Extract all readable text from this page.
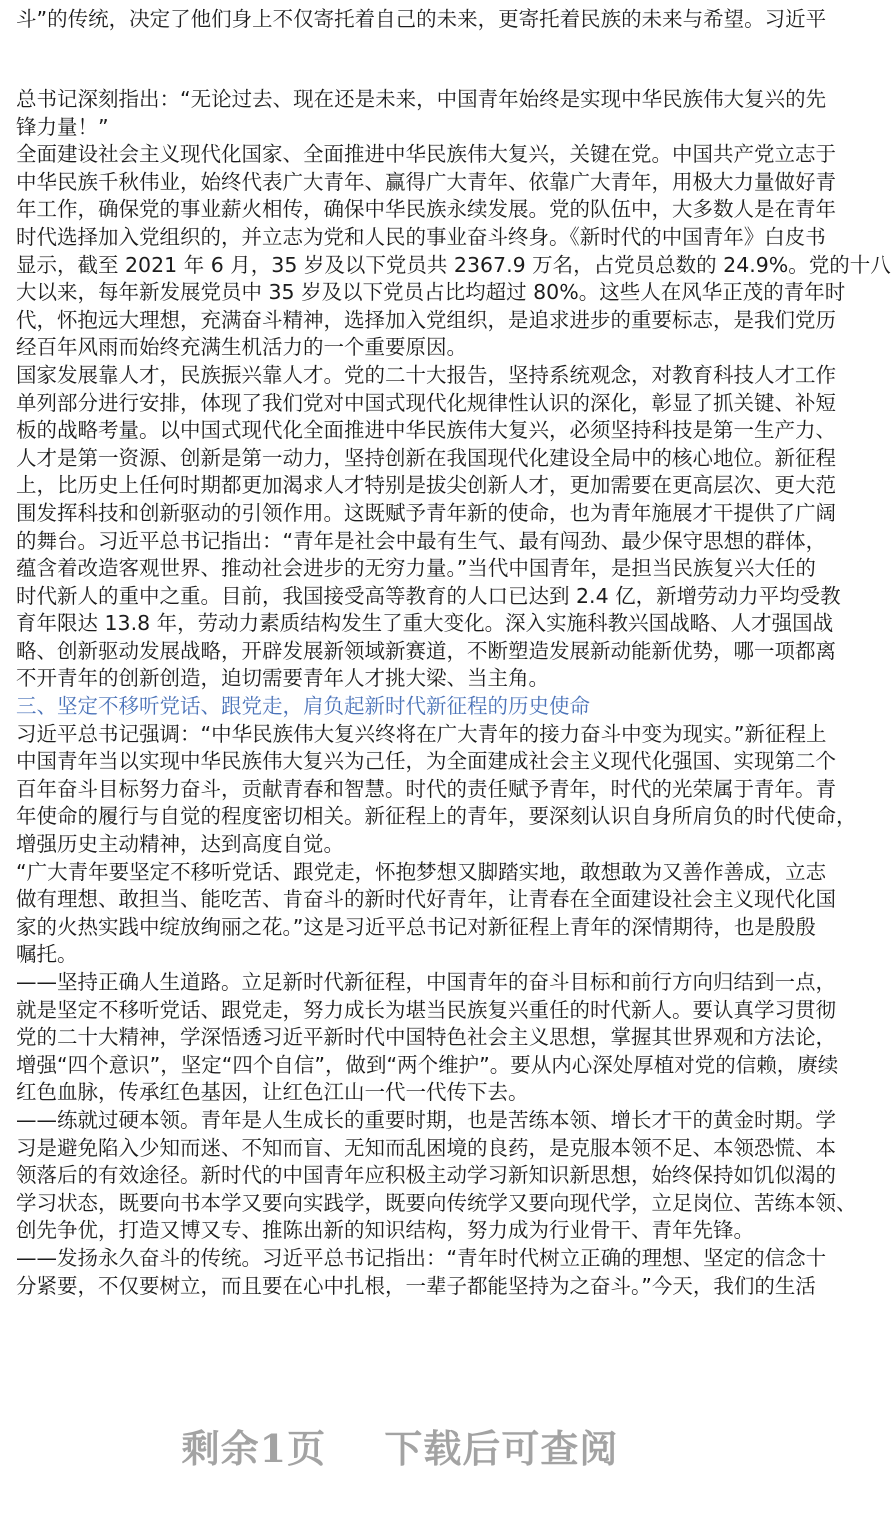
斗”的传统，决定了他们身上不仅寄托着自己的未来，更寄托着民族的未来与希望。习近平
总书记深刻指出：“无论过去、现在还是未来，中国青年始终是实现中华民族伟大复兴的先
锋力量！”
全面建设社会主义现代化国家、全面推进中华民族伟大复兴，关键在党。中国共产党立志于
中华民族千秋伟业，始终代表广大青年、赢得广大青年、依靠广大青年，用极大力量做好青
年工作，确保党的事业薪火相传，确保中华民族永续发展。党的队伍中，大多数人是在青年
时代选择加入党组织的，并立志为党和人民的事业奋斗终身。《新时代的中国青年》白皮书
显示，截至 2021 年 6 月，35 岁及以下党员共 2367.9 万名，占党员总数的 24.9%。党的十八
大以来，每年新发展党员中 35 岁及以下党员占比均超过 80%。这些人在风华正茂的青年时
代，怀抱远大理想，充满奋斗精神，选择加入党组织，是追求进步的重要标志，是我们党历
经百年风雨而始终充满生机活力的一个重要原因。
国家发展靠人才，民族振兴靠人才。党的二十大报告，坚持系统观念，对教育科技人才工作
单列部分进行安排，体现了我们党对中国式现代化规律性认识的深化，彰显了抓关键、补短
板的战略考量。以中国式现代化全面推进中华民族伟大复兴，必须坚持科技是第一生产力、
人才是第一资源、创新是第一动力，坚持创新在我国现代化建设全局中的核心地位。新征程
上，比历史上任何时期都更加渴求人才特别是拔尖创新人才，更加需要在更高层次、更大范
围发挥科技和创新驱动的引领作用。这既赋予青年新的使命，也为青年施展才干提供了广阔
的舞台。习近平总书记指出：“青年是社会中最有生气、最有闯劲、最少保守思想的群体，
蕴含着改造客观世界、推动社会进步的无穷力量。”当代中国青年，是担当民族复兴大任的
时代新人的重中之重。目前，我国接受高等教育的人口已达到 2.4 亿，新增劳动力平均受教
育年限达 13.8 年，劳动力素质结构发生了重大变化。深入实施科教兴国战略、人才强国战
略、创新驱动发展战略，开辟发展新领域新赛道，不断塑造发展新动能新优势，哪一项都离
不开青年的创新创造，迫切需要青年人才挑大梁、当主角。
三、坚定不移听党话、跟党走，肩负起新时代新征程的历史使命
习近平总书记强调：“中华民族伟大复兴终将在广大青年的接力奋斗中变为现实。”新征程上
中国青年当以实现中华民族伟大复兴为己任，为全面建成社会主义现代化强国、实现第二个
百年奋斗目标努力奋斗，贡献青春和智慧。时代的责任赋予青年，时代的光荣属于青年。青
年使命的履行与自觉的程度密切相关。新征程上的青年，要深刻认识自身所肩负的时代使命，
增强历史主动精神，达到高度自觉。
“广大青年要坚定不移听党话、跟党走，怀抱梦想又脚踏实地，敢想敢为又善作善成，立志
做有理想、敢担当、能吃苦、肯奋斗的新时代好青年，让青春在全面建设社会主义现代化国
家的火热实践中绽放绚丽之花。”这是习近平总书记对新征程上青年的深情期待，也是殷殷
嘱托。
——坚持正确人生道路。立足新时代新征程，中国青年的奋斗目标和前行方向归结到一点，
就是坚定不移听党话、跟党走，努力成长为堪当民族复兴重任的时代新人。要认真学习贯彻
党的二十大精神，学深悟透习近平新时代中国特色社会主义思想，掌握其世界观和方法论，
增强“四个意识”，坚定“四个自信”，做到“两个维护”。要从内心深处厚植对党的信赖，赓续
红色血脉，传承红色基因，让红色江山一代一代传下去。
——练就过硬本领。青年是人生成长的重要时期，也是苦练本领、增长才干的黄金时期。学
习是避免陷入少知而迷、不知而盲、无知而乱困境的良药，是克服本领不足、本领恐慌、本
领落后的有效途径。新时代的中国青年应积极主动学习新知识新思想，始终保持如饥似渴的
学习状态，既要向书本学又要向实践学，既要向传统学又要向现代学，立足岗位、苦练本领、
创先争优，打造又博又专、推陈出新的知识结构，努力成为行业骨干、青年先锋。
——发扬永久奋斗的传统。习近平总书记指出：“青年时代树立正确的理想、坚定的信念十
分紧要，不仅要树立，而且要在心中扎根，一辈子都能坚持为之奋斗。”今天，我们的生活
剩余1页 下载后可查阅
